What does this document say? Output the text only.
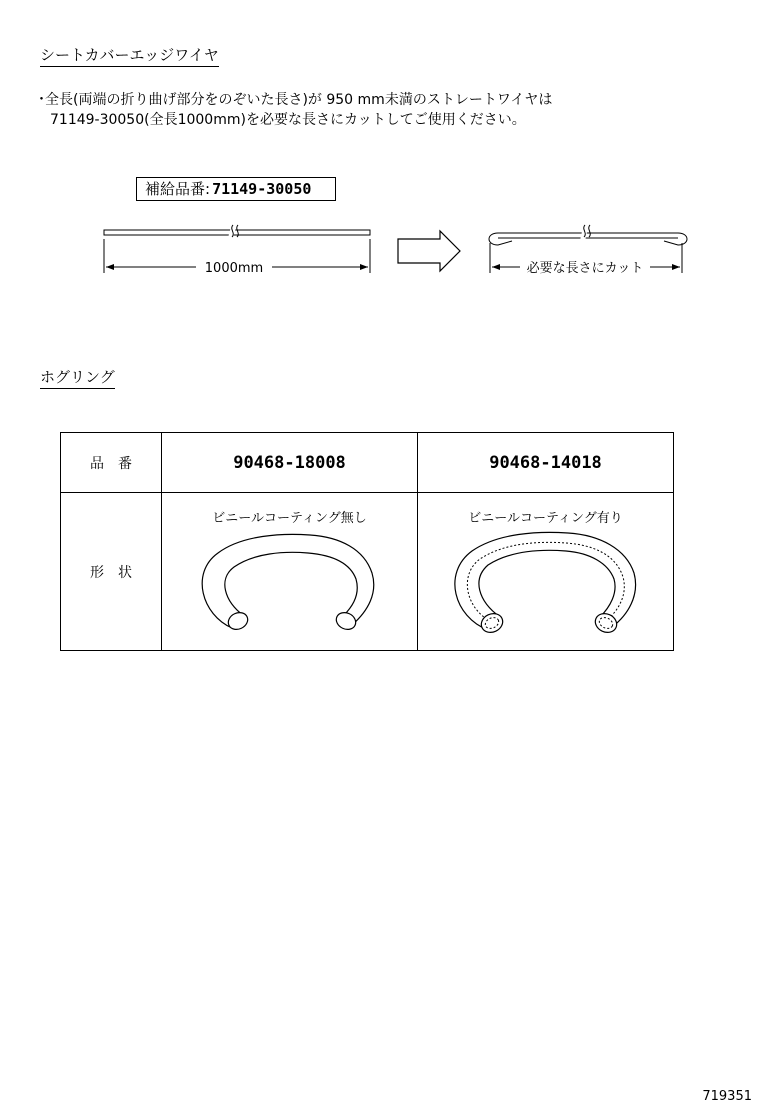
シートカバーエッジワイヤ
･全長(両端の折り曲げ部分をのぞいた長さ)が 950 mm未満のストレートワイヤは
71149-30050(全長1000mm)を必要な長さにカットしてご使用ください。
補給品番: 71149-30050
1000mm	必要な長さにカット
ホグリング
品番	90468-18008	90468-14018
形状	ビニールコーティング無し	ビニールコーティング有り
719351
